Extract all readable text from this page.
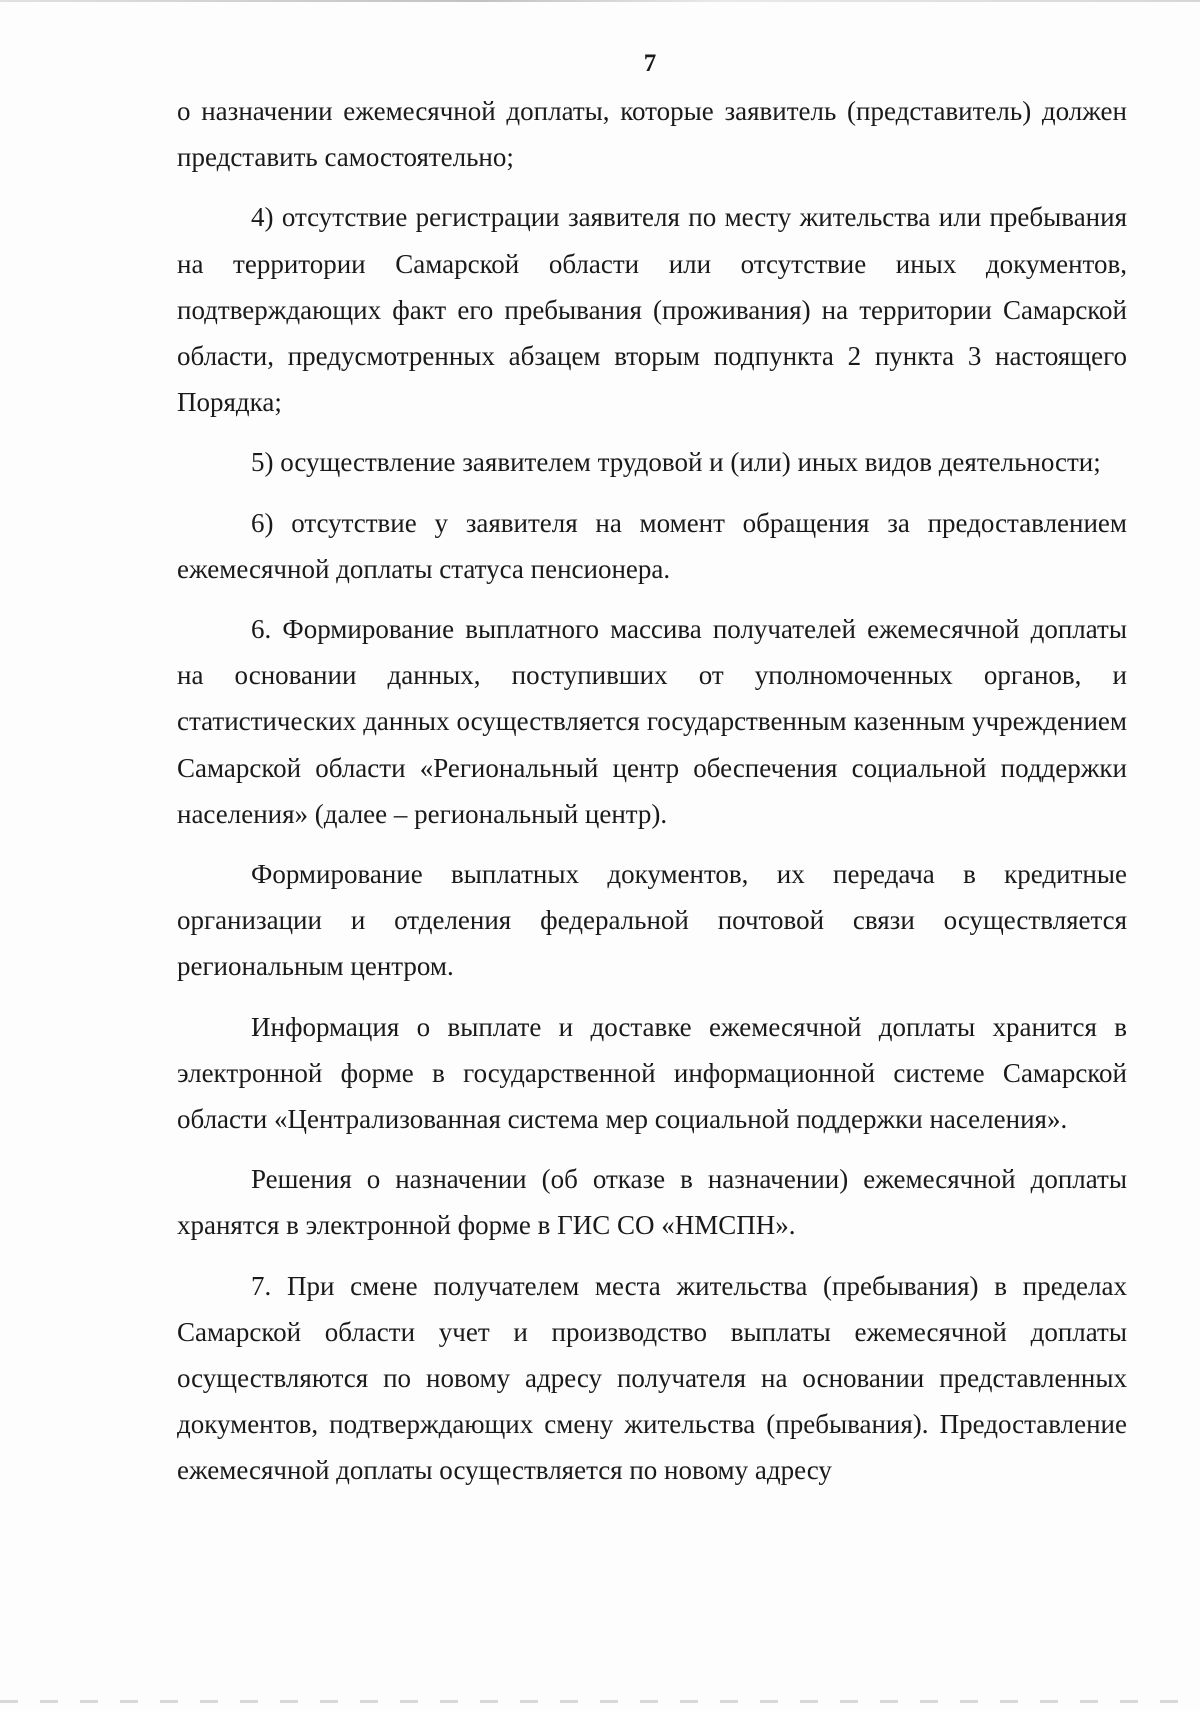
7

о назначении ежемесячной доплаты, которые заявитель (представитель) должен представить самостоятельно;

4) отсутствие регистрации заявителя по месту жительства или пребывания на территории Самарской области или отсутствие иных документов, подтверждающих факт его пребывания (проживания) на территории Самарской области, предусмотренных абзацем вторым подпункта 2 пункта 3 настоящего Порядка;

5) осуществление заявителем трудовой и (или) иных видов деятельности;

6) отсутствие у заявителя на момент обращения за предоставлением ежемесячной доплаты статуса пенсионера.

6. Формирование выплатного массива получателей ежемесячной доплаты на основании данных, поступивших от уполномоченных органов, и статистических данных осуществляется государственным казенным учреждением Самарской области «Региональный центр обеспечения социальной поддержки населения» (далее – региональный центр).

Формирование выплатных документов, их передача в кредитные организации и отделения федеральной почтовой связи осуществляется региональным центром.

Информация о выплате и доставке ежемесячной доплаты хранится в электронной форме в государственной информационной системе Самарской области «Централизованная система мер социальной поддержки населения».

Решения о назначении (об отказе в назначении) ежемесячной доплаты хранятся в электронной форме в ГИС СО «НМСПН».

7. При смене получателем места жительства (пребывания) в пределах Самарской области учет и производство выплаты ежемесячной доплаты осуществляются по новому адресу получателя на основании представленных документов, подтверждающих смену жительства (пребывания). Предоставление ежемесячной доплаты осуществляется по новому адресу
